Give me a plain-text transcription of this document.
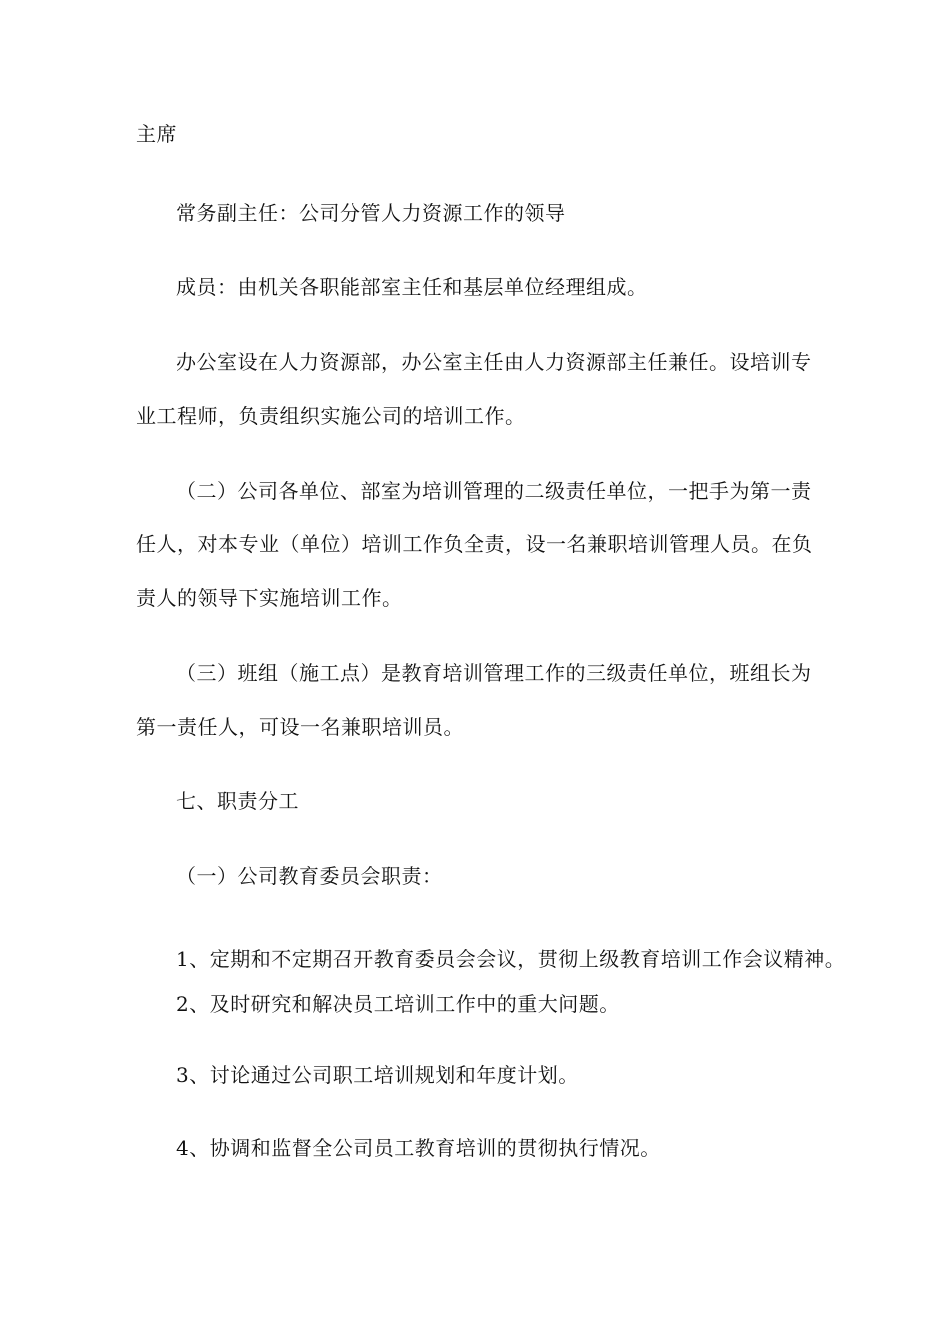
主席
常务副主任：公司分管人力资源工作的领导
成员：由机关各职能部室主任和基层单位经理组成。
办公室设在人力资源部，办公室主任由人力资源部主任兼任。设培训专
业工程师，负责组织实施公司的培训工作。
（二）公司各单位、部室为培训管理的二级责任单位，一把手为第一责
任人，对本专业（单位）培训工作负全责，设一名兼职培训管理人员。在负
责人的领导下实施培训工作。
（三）班组（施工点）是教育培训管理工作的三级责任单位，班组长为
第一责任人，可设一名兼职培训员。
七、职责分工
（一）公司教育委员会职责：
1、定期和不定期召开教育委员会会议，贯彻上级教育培训工作会议精神。
2、及时研究和解决员工培训工作中的重大问题。
3、讨论通过公司职工培训规划和年度计划。
4、协调和监督全公司员工教育培训的贯彻执行情况。
